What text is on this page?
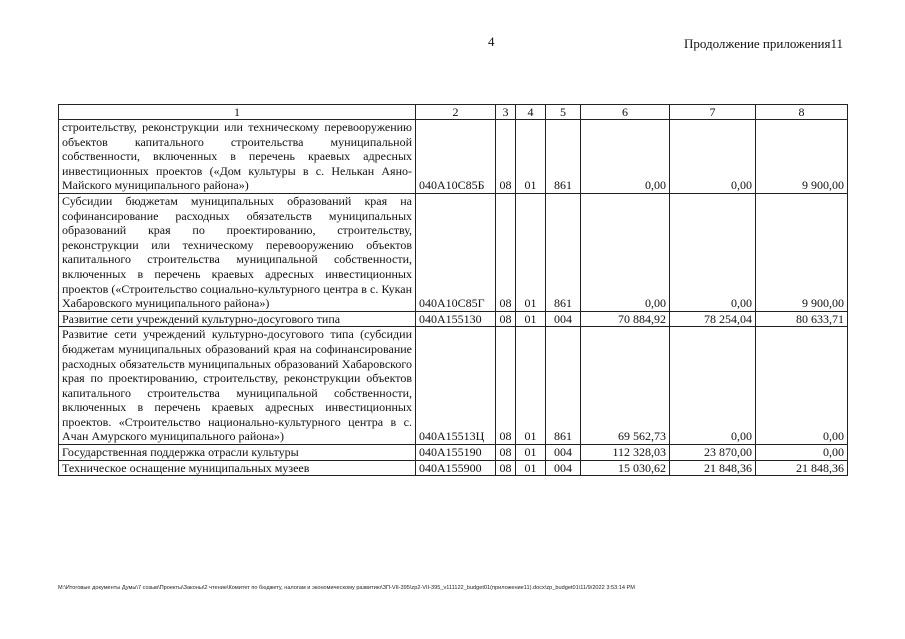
4	Продолжение приложения11
1	2	3	4	5	6	7	8
строительству, реконструкции или техническому перевооружению объектов капитального строительства муниципальной собственности, включенных в перечень краевых адресных инвестиционных проектов («Дом культуры в с. Нелькан Аяно-Майского муниципального района»)	040А10С85Б	08	01	861	0,00	0,00	9 900,00
Субсидии бюджетам муниципальных образований края на софинансирование расходных обязательств муниципальных образований края по проектированию, строительству, реконструкции или техническому перевооружению объектов капитального строительства муниципальной собственности, включенных в перечень краевых адресных инвестиционных проектов («Строительство социально-культурного центра в с. Кукан Хабаровского муниципального района»)	040А10С85Г	08	01	861	0,00	0,00	9 900,00
Развитие сети учреждений культурно-досугового типа	040А155130	08	01	004	70 884,92	78 254,04	80 633,71
Развитие сети учреждений культурно-досугового типа (субсидии бюджетам муниципальных образований края на софинансирование расходных обязательств муниципальных образований Хабаровского края по проектированию, строительству, реконструкции объектов капитального строительства муниципальной собственности, включенных в перечень краевых адресных инвестиционных проектов. «Строительство национально-культурного центра в с. Ачан Амурского муниципального района»)	040А15513Ц	08	01	861	69 562,73	0,00	0,00
Государственная поддержка отрасли культуры	040А155190	08	01	004	112 328,03	23 870,00	0,00
Техническое оснащение муниципальных музеев	040А155900	08	01	004	15 030,62	21 848,36	21 848,36
М:\Итоговые документы Думы\7 созыв\Проекты\Законы\2 чтение\Комитет по бюджету, налогам и экономическому развитию\ЗП-VII-395\zp2-VII-395_v111122_budget01(приложение11).docx\zp_budget01\11/9/2022 3:53:14 PM
